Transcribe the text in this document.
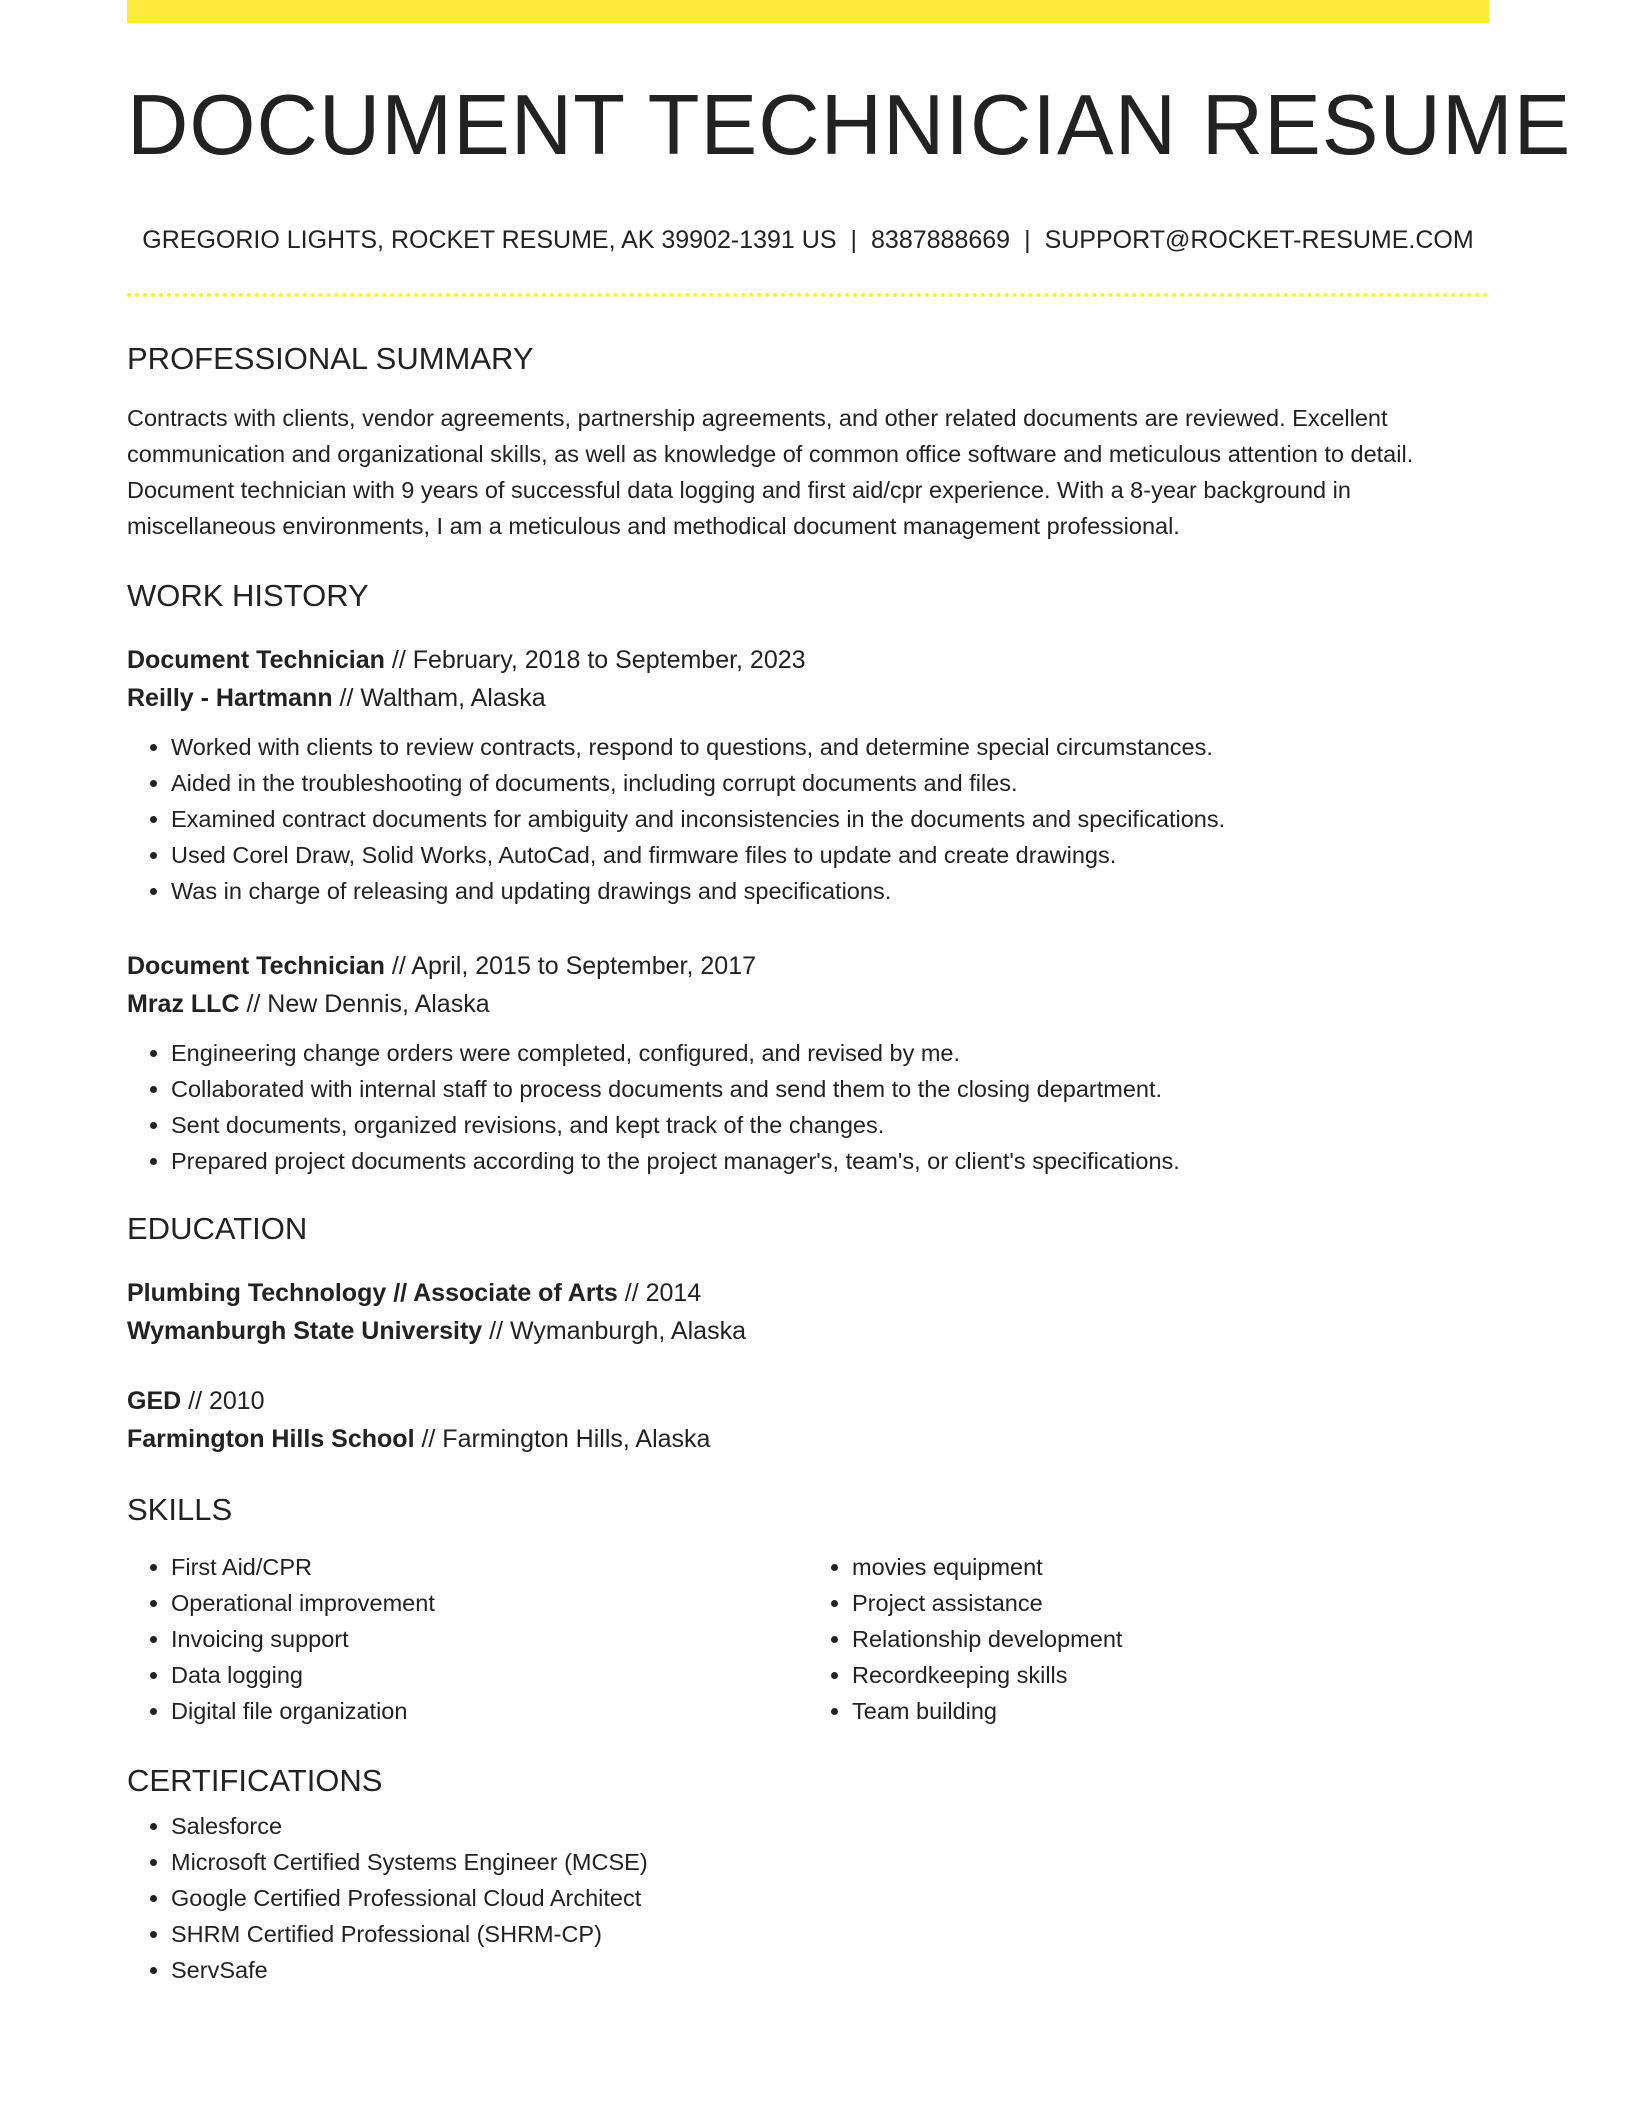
DOCUMENT TECHNICIAN RESUME
GREGORIO LIGHTS, ROCKET RESUME, AK 39902-1391 US | 8387888669 | SUPPORT@ROCKET-RESUME.COM
PROFESSIONAL SUMMARY

Contracts with clients, vendor agreements, partnership agreements, and other related documents are reviewed. Excellent communication and organizational skills, as well as knowledge of common office software and meticulous attention to detail. Document technician with 9 years of successful data logging and first aid/cpr experience. With a 8-year background in miscellaneous environments, I am a meticulous and methodical document management professional.

WORK HISTORY
Document Technician // February, 2018 to September, 2023
Reilly - Hartmann // Waltham, Alaska
• Worked with clients to review contracts, respond to questions, and determine special circumstances.
• Aided in the troubleshooting of documents, including corrupt documents and files.
• Examined contract documents for ambiguity and inconsistencies in the documents and specifications.
• Used Corel Draw, Solid Works, AutoCad, and firmware files to update and create drawings.
• Was in charge of releasing and updating drawings and specifications.
Document Technician // April, 2015 to September, 2017
Mraz LLC // New Dennis, Alaska
• Engineering change orders were completed, configured, and revised by me.
• Collaborated with internal staff to process documents and send them to the closing department.
• Sent documents, organized revisions, and kept track of the changes.
• Prepared project documents according to the project manager's, team's, or client's specifications.
EDUCATION
Plumbing Technology // Associate of Arts // 2014
Wymanburgh State University // Wymanburgh, Alaska
GED // 2010
Farmington Hills School // Farmington Hills, Alaska
SKILLS
• First Aid/CPR
• Operational improvement
• Invoicing support
• Data logging
• Digital file organization
• movies equipment
• Project assistance
• Relationship development
• Recordkeeping skills
• Team building
CERTIFICATIONS
• Salesforce
• Microsoft Certified Systems Engineer (MCSE)
• Google Certified Professional Cloud Architect
• SHRM Certified Professional (SHRM-CP)
• ServSafe
